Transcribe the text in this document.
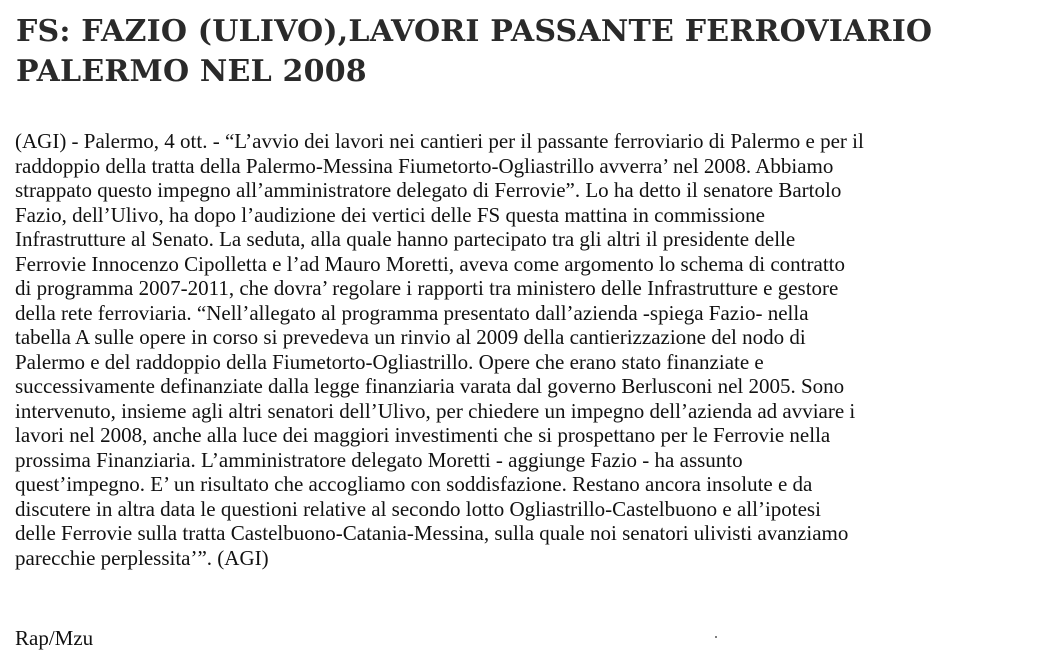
FS: FAZIO (ULIVO),LAVORI PASSANTE FERROVIARIO
PALERMO NEL 2008
(AGI) - Palermo, 4 ott. - “L’avvio dei lavori nei cantieri per il passante ferroviario di Palermo e per il
raddoppio della tratta della Palermo-Messina Fiumetorto-Ogliastrillo avverra’ nel 2008. Abbiamo
strappato questo impegno all’amministratore delegato di Ferrovie”. Lo ha detto il senatore Bartolo
Fazio, dell’Ulivo, ha dopo l’audizione dei vertici delle FS questa mattina in commissione
Infrastrutture al Senato. La seduta, alla quale hanno partecipato tra gli altri il presidente delle
Ferrovie Innocenzo Cipolletta e l’ad Mauro Moretti, aveva come argomento lo schema di contratto
di programma 2007-2011, che dovra’ regolare i rapporti tra ministero delle Infrastrutture e gestore
della rete ferroviaria. “Nell’allegato al programma presentato dall’azienda -spiega Fazio- nella
tabella A sulle opere in corso si prevedeva un rinvio al 2009 della cantierizzazione del nodo di
Palermo e del raddoppio della Fiumetorto-Ogliastrillo. Opere che erano stato finanziate e
successivamente definanziate dalla legge finanziaria varata dal governo Berlusconi nel 2005. Sono
intervenuto, insieme agli altri senatori dell’Ulivo, per chiedere un impegno dell’azienda ad avviare i
lavori nel 2008, anche alla luce dei maggiori investimenti che si prospettano per le Ferrovie nella
prossima Finanziaria. L’amministratore delegato Moretti - aggiunge Fazio - ha assunto
quest’impegno. E’ un risultato che accogliamo con soddisfazione. Restano ancora insolute e da
discutere in altra data le questioni relative al secondo lotto Ogliastrillo-Castelbuono e all’ipotesi
delle Ferrovie sulla tratta Castelbuono-Catania-Messina, sulla quale noi senatori ulivisti avanziamo
parecchie perplessita’”. (AGI)
Rap/Mzu
